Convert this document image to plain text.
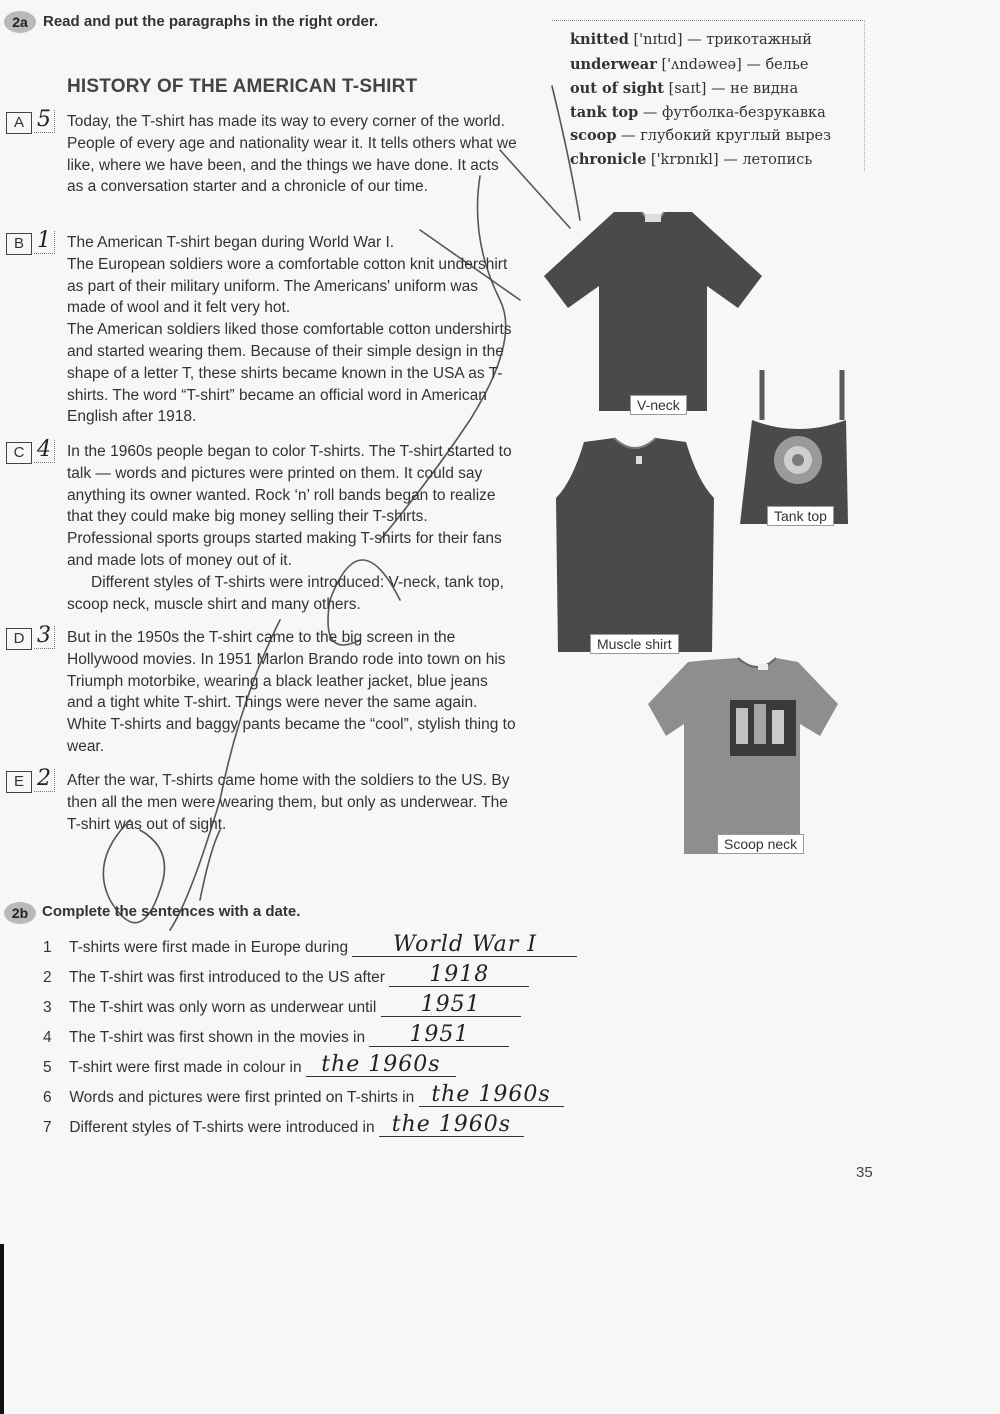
2a	Read and put the paragraphs in the right order.
HISTORY OF THE AMERICAN T-SHIRT
A 5 Today, the T-shirt has made its way to every corner of the world. People of every age and nationality wear it. It tells others what we like, where we have been, and the things we have done. It acts as a conversation starter and a chronicle of our time.

B 1 The American T-shirt began during World War I.

The European soldiers wore a comfortable cotton knit undershirt as part of their military uniform. The Americans' uniform was made of wool and it felt very hot.

The American soldiers liked those comfortable cotton undershirts and started wearing them. Because of their simple design in the shape of a letter T, these shirts became known in the USA as T-shirts. The word “T-shirt” became an official word in American English after 1918.

C 4 In the 1960s people began to color T-shirts. The T-shirt started to talk — words and pictures were printed on them. It could say anything its owner wanted. Rock ‘n’ roll bands began to realize that they could make big money selling their T-shirts. Professional sports groups started making T-shirts for their fans and made lots of money out of it.

Different styles of T-shirts were introduced: V-neck, tank top, scoop neck, muscle shirt and many others.

D 3 But in the 1950s the T-shirt came to the big screen in the Hollywood movies. In 1951 Marlon Brando rode into town on his Triumph motorbike, wearing a black leather jacket, blue jeans and a tight white T-shirt. Things were never the same again. White T-shirts and baggy pants became the “cool”, stylish thing to wear.

E 2 After the war, T-shirts came home with the soldiers to the US. By then all the men were wearing them, but only as underwear. The T-shirt was out of sight.

knitted ['nɪtɪd] — трикотажный
underwear ['ʌndəweə] — белье
out of sight [saɪt] — не видна
tank top — футболка-безрукавка
scoop — глубокий круглый вырез
chronicle ['krɒnɪkl] — летопись
V-neck
Tank top
Muscle shirt
Scoop neck
2b Complete the sentences with a date.
1 T-shirts were first made in Europe during World War I
2 The T-shirt was first introduced to the US after 1918
3 The T-shirt was only worn as underwear until 1951
4 The T-shirt was first shown in the movies in 1951
5 T-shirt were first made in colour in the 1960s
6 Words and pictures were first printed on T-shirts in the 1960s
7 Different styles of T-shirts were introduced in the 1960s
35
